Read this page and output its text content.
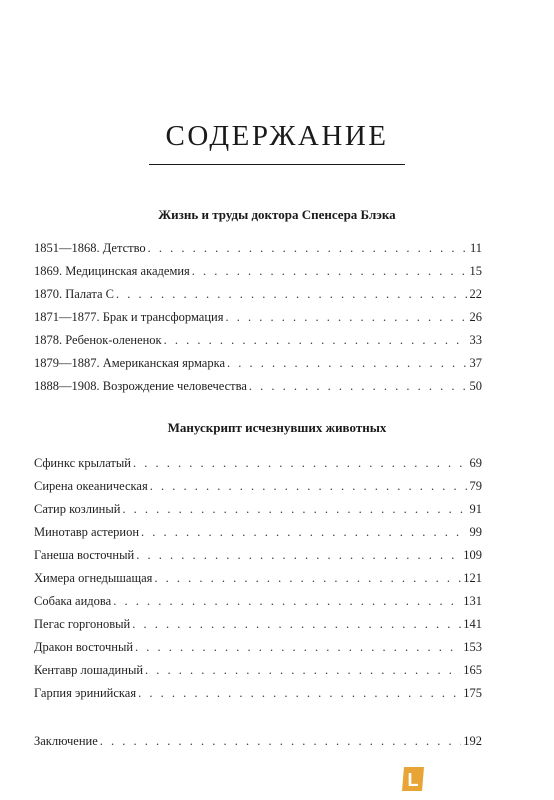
СОДЕРЖАНИЕ
Жизнь и труды доктора Спенсера Блэка
1851—1868. Детство . . .	11
1869. Медицинская академия . . .	15
1870. Палата С . . .	22
1871—1877. Брак и трансформация . . .	26
1878. Ребенок-олененок . . .	33
1879—1887. Американская ярмарка . . .	37
1888—1908. Возрождение человечества . . .	50
Манускрипт исчезнувших животных
Сфинкс крылатый . . .	69
Сирена океаническая . . .	79
Сатир козлиный . . .	91
Минотавр астерион . . .	99
Ганеша восточный . . .	109
Химера огнедышащая . . .	121
Собака аидова . . .	131
Пегас горгоновый . . .	141
Дракон восточный . . .	153
Кентавр лошадиный . . .	165
Гарпия эринийская . . .	175
Заключение . . .	192
L
